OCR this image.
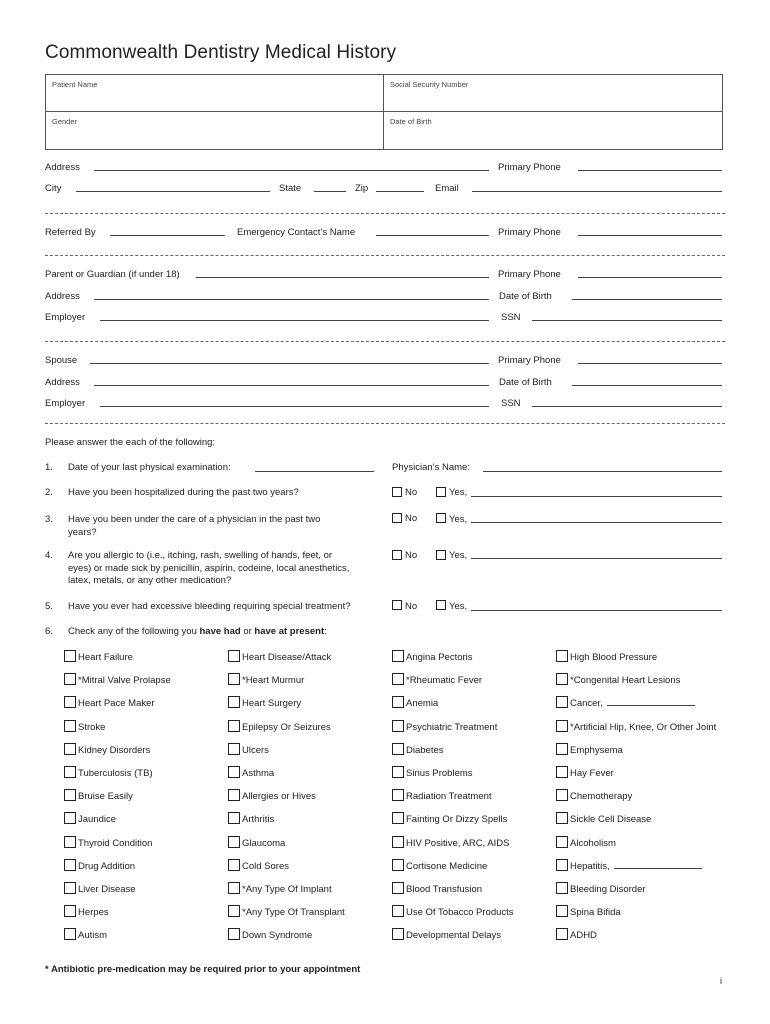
Commonwealth Dentistry Medical History
Patient Name	Social Security Number
Gender	Date of Birth
Address	Primary Phone
City	State	Zip	Email
Referred By	Emergency Contact’s Name	Primary Phone
Parent or Guardian (if under 18)	Primary Phone
Address	Date of Birth
Employer	SSN
Spouse	Primary Phone
Address	Date of Birth
Employer	SSN
Please answer the each of the following:
1. Date of your last physical examination:	Physician’s Name:
2. Have you been hospitalized during the past two years?	No	Yes,
3. Have you been under the care of a physician in the past two
years?
No	Yes,
4. Are you allergic to (i.e., itching, rash, swelling of hands, feet, or
eyes) or made sick by penicillin, aspirin, codeine, local anesthetics,
latex, metals, or any other medication?
No	Yes,
5. Have you ever had excessive bleeding requiring special treatment?	No	Yes,
6. Check any of the following you have had or have at present:
Heart Failure	Heart Disease/Attack	Angina Pectoris	High Blood Pressure
*Mitral Valve Prolapse	*Heart Murmur	*Rheumatic Fever	*Congenital Heart Lesions
Heart Pace Maker	Heart Surgery	Anemia	Cancer,
Stroke	Epilepsy Or Seizures	Psychiatric Treatment	*Artificial Hip, Knee, Or Other Joint
Kidney Disorders	Ulcers	Diabetes	Emphysema
Tuberculosis (TB)	Asthma	Sinus Problems	Hay Fever
Bruise Easily	Allergies or Hives	Radiation Treatment	Chemotherapy
Jaundice	Arthritis	Fainting Or Dizzy Spells	Sickle Cell Disease
Thyroid Condition	Glaucoma	HIV Positive, ARC, AIDS	Alcoholism
Drug Addition	Cold Sores	Cortisone Medicine	Hepatitis,
Liver Disease	*Any Type Of Implant	Blood Transfusion	Bleeding Disorder
Herpes	*Any Type Of Transplant	Use Of Tobacco Products	Spina Bifida
Autism	Down Syndrome	Developmental Delays	ADHD
* Antibiotic pre-medication may be required prior to your appointment
i
